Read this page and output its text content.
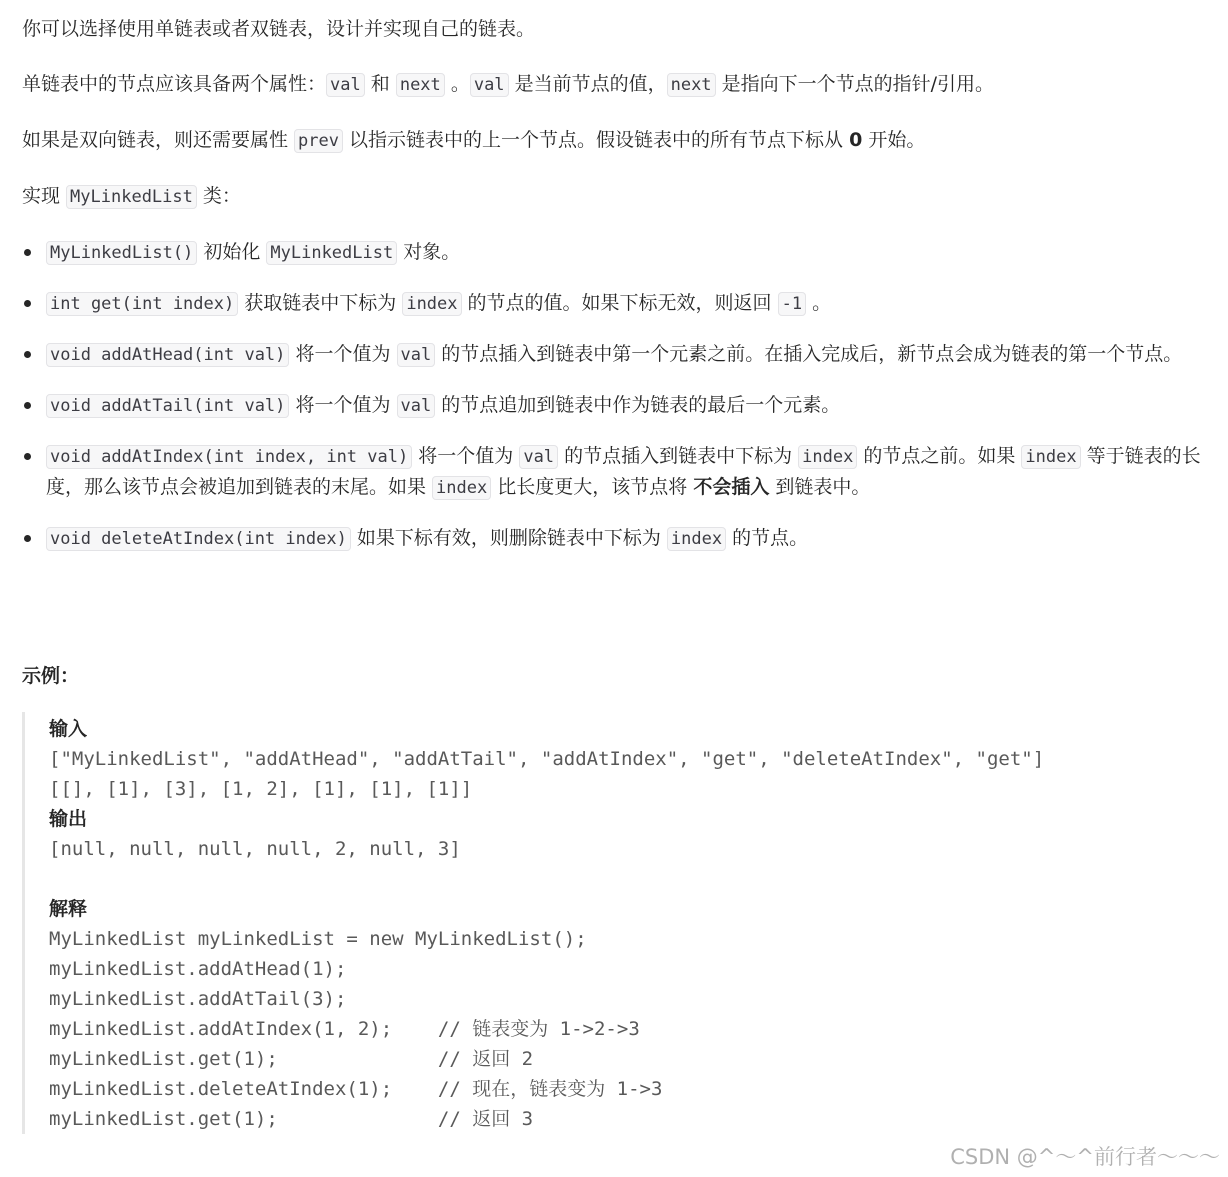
你可以选择使用单链表或者双链表，设计并实现自己的链表。

单链表中的节点应该具备两个属性： val 和 next 。 val 是当前节点的值， next 是指向下一个节点的指针/引用。

如果是双向链表，则还需要属性 prev 以指示链表中的上一个节点。假设链表中的所有节点下标从 0 开始。

实现 MyLinkedList 类：

MyLinkedList() 初始化 MyLinkedList 对象。
int get(int index) 获取链表中下标为 index 的节点的值。如果下标无效，则返回 -1 。
void addAtHead(int val) 将一个值为 val 的节点插入到链表中第一个元素之前。在插入完成后，新节点会成为链表的第一个节点。
void addAtTail(int val) 将一个值为 val 的节点追加到链表中作为链表的最后一个元素。
void addAtIndex(int index, int val) 将一个值为 val 的节点插入到链表中下标为 index 的节点之前。如果 index 等于链表的长度，那么该节点会被追加到链表的末尾。如果 index 比长度更大，该节点将 不会插入 到链表中。
void deleteAtIndex(int index) 如果下标有效，则删除链表中下标为 index 的节点。
示例：
输入
["MyLinkedList", "addAtHead", "addAtTail", "addAtIndex", "get", "deleteAtIndex", "get"]
[[], [1], [3], [1, 2], [1], [1], [1]]
输出
[null, null, null, null, 2, null, 3]
解释
MyLinkedList myLinkedList = new MyLinkedList();
myLinkedList.addAtHead(1);
myLinkedList.addAtTail(3);
myLinkedList.addAtIndex(1, 2);    // 链表变为 1->2->3
myLinkedList.get(1);              // 返回 2
myLinkedList.deleteAtIndex(1);    // 现在，链表变为 1->3
myLinkedList.get(1);              // 返回 3
CSDN @^～^前行者～～～
